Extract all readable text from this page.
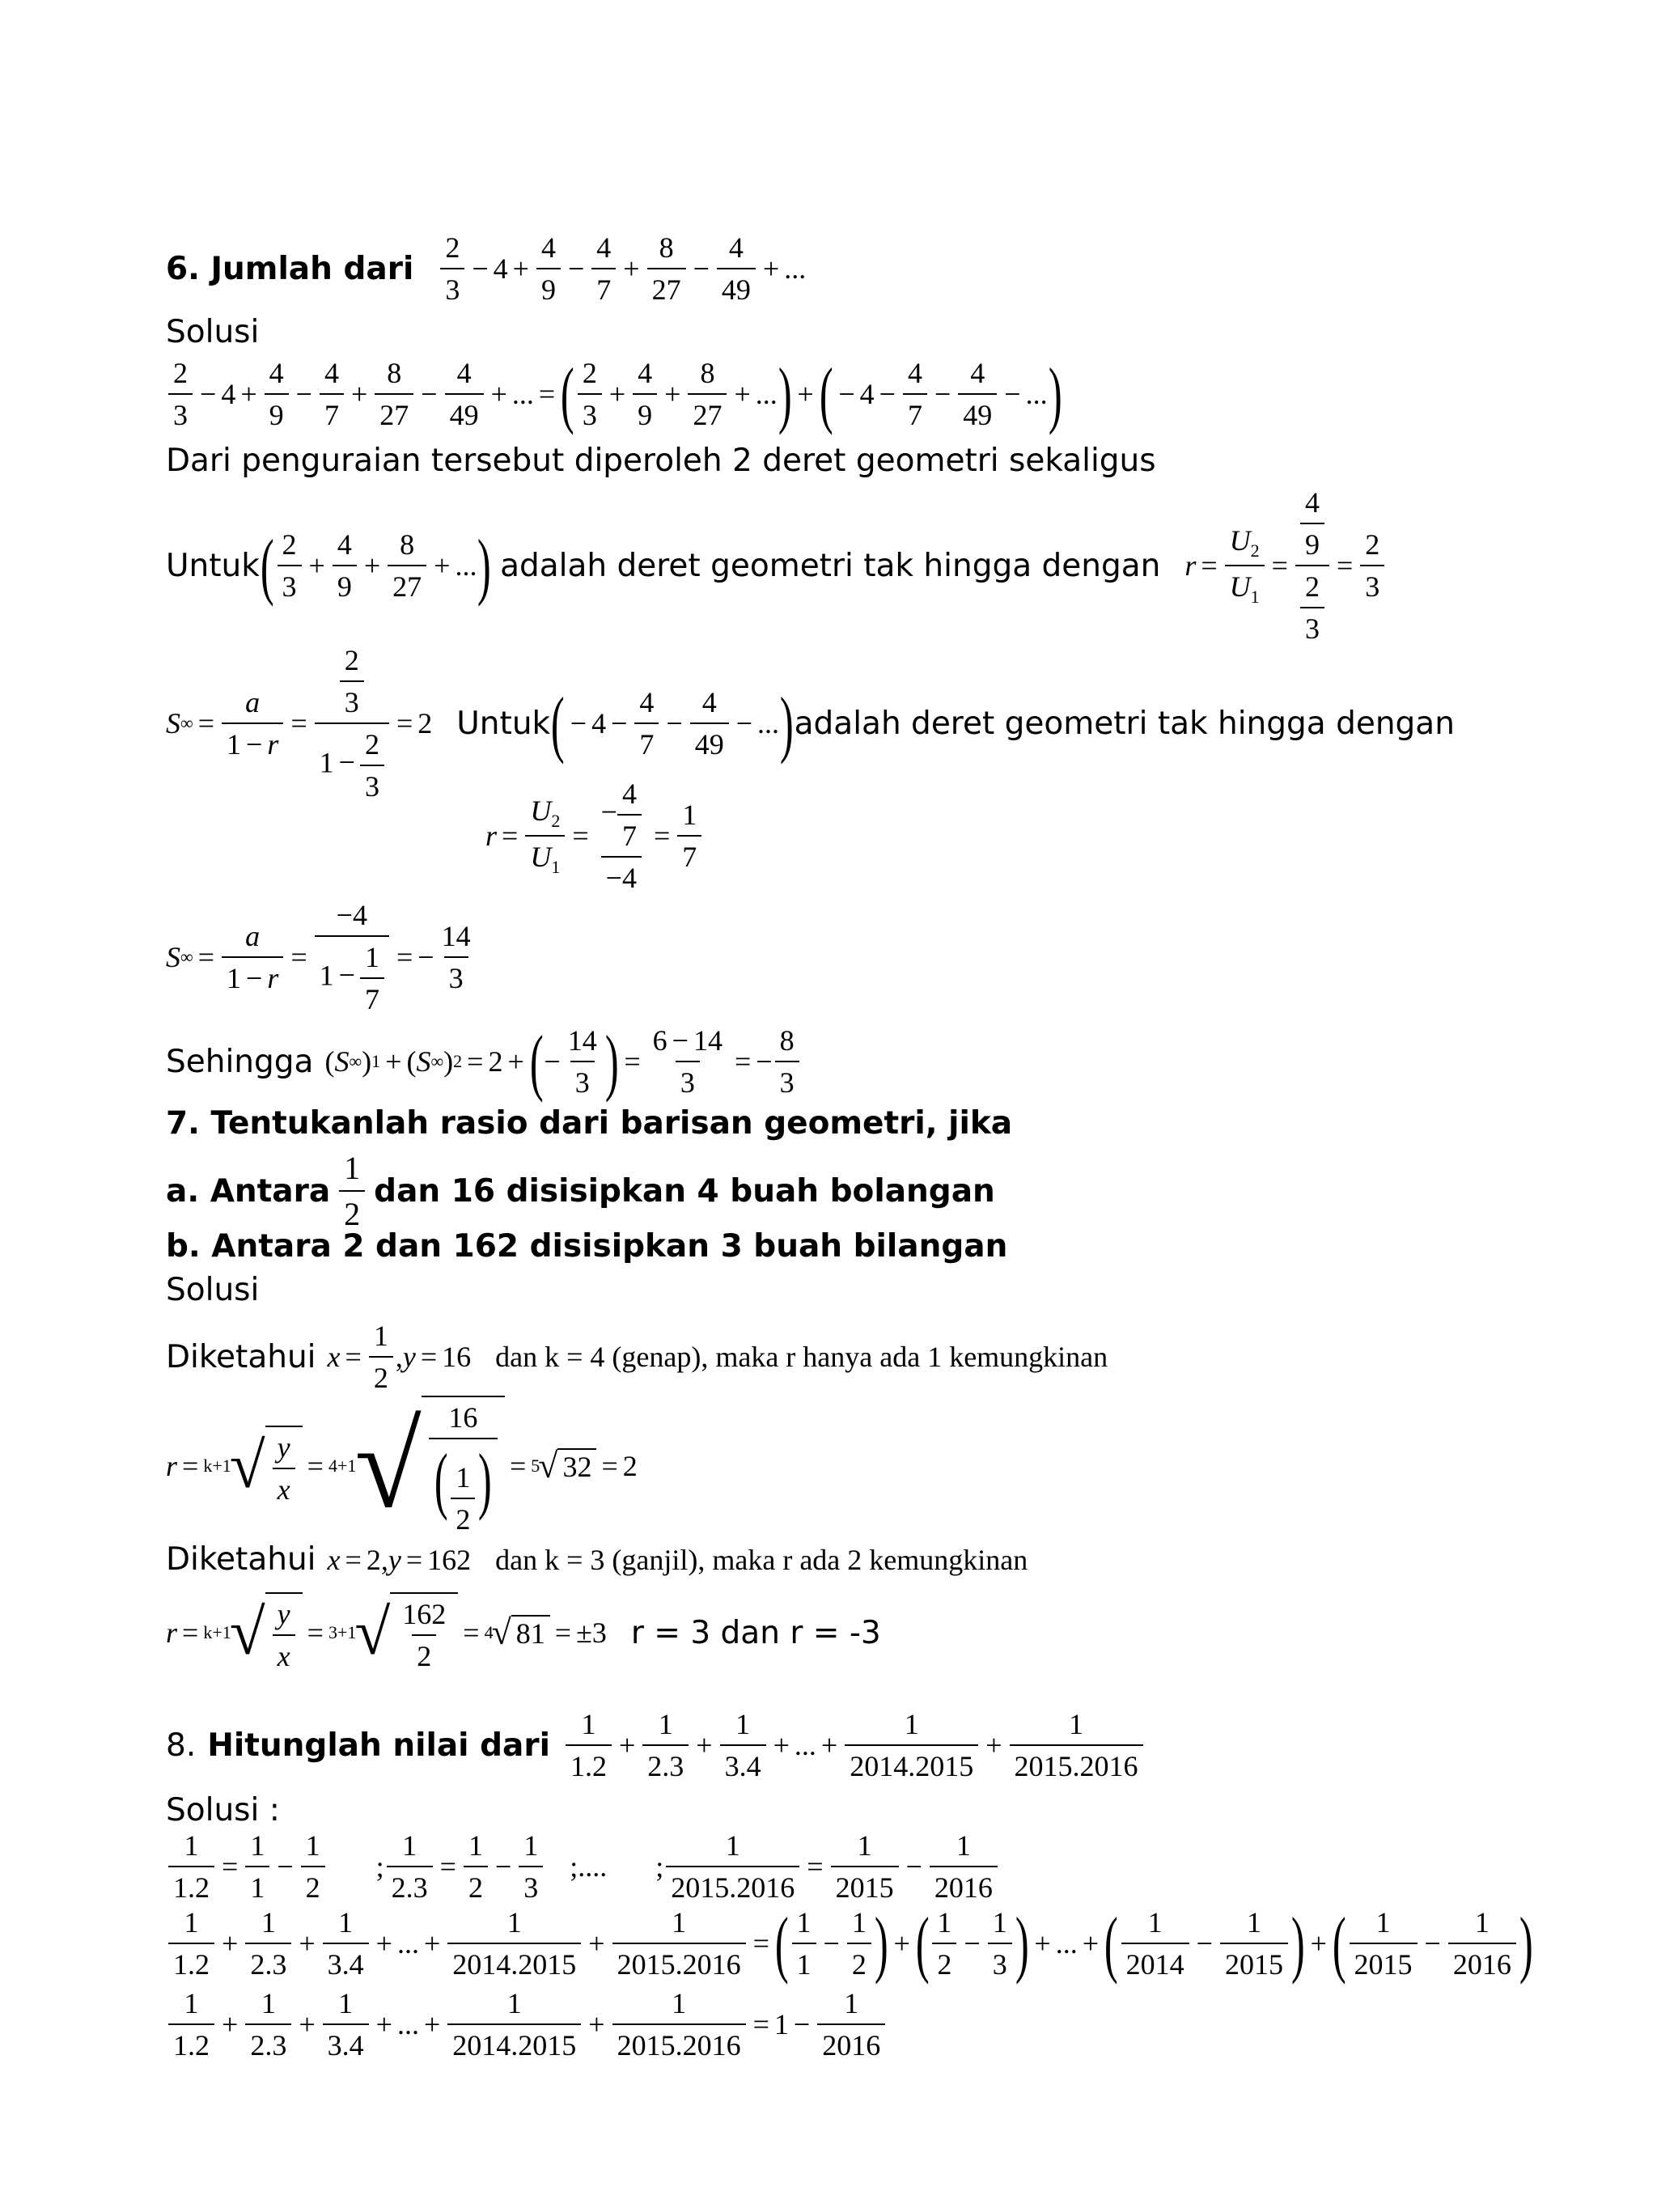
6. Jumlah dari $\frac{2}{3} - 4 + \frac{4}{9} - \frac{4}{7} + \frac{8}{27} - \frac{4}{49}$ + ...
Solusi
$\frac{2}{3} - 4 + \frac{4}{9} - \frac{4}{7} + \frac{8}{27} - \frac{4}{49}$ + ... = ( $\frac{2}{3} + \frac{4}{9} + \frac{8}{27}$ + ... ) + ( − $4 - \frac{4}{7} - \frac{4}{49}$ − ... )
Dari penguraian tersebut diperoleh 2 deret geometri sekaligus
Untuk ( $\frac{2}{3} + \frac{4}{9} + \frac{8}{27}$ + ... ) adalah deret geometri tak hingga dengan $r = \frac{U_2}{U_1} = \frac{\frac{4}{9}}{\frac{2}{3}} = \frac{2}{3}$
S ∞ = $\frac{a}{1 - r} = \frac{\frac{2}{3}}{1 - \frac{2}{3}} = 2$ Untuk ( − $4 - \frac{4}{7} - \frac{4}{49}$ − ... ) adalah deret geometri tak hingga dengan
$r = \frac{U_2}{U_1} = \frac{- \frac{4}{7}}{-4} = \frac{1}{7}$
S ∞ = $\frac{a}{1 - r} = \frac{-4}{1 - \frac{1}{7}}$ = − $\frac{14}{3}$
Sehingga ( S ∞ ) 1 + ( S ∞ ) 2 = 2 + ( − $\frac{14}{3}$ ) = $\frac{6 - 14}{3}$ = − $\frac{8}{3}$
7. Tentukanlah rasio dari barisan geometri, jika
a. Antara $\frac{1}{2}$ dan 16 disisipkan 4 buah bolangan
b. Antara 2 dan 162 disisipkan 3 buah bilangan
Solusi
Diketahui $x = \frac{1}{2}$ , y = 16 dan k = 4 (genap), maka r hanya ada 1 kemungkinan
r = k+1
√ $\frac{y}{x} = 4+1$
√ $\frac{16}{( \frac{1}{2} )} = 5$
√ 32 = 2
Diketahui x = 2, y = 162 dan k = 3 (ganjil), maka r ada 2 kemungkinan
r = k+1
√ $\frac{y}{x} = 3+1$
√ $\frac{162}{2} = 4$
√ 81 = ±3 r = 3 dan r = -3
8. Hitunglah nilai dari $\frac{1}{1.2} + \frac{1}{2.3} + \frac{1}{3.4}$ + ... + $\frac{1}{2014.2015} + \frac{1}{2015.2016}$
Solusi :
$\frac{1}{1.2} = \frac{1}{1} - \frac{1}{2}$ ; $\frac{1}{2.3} = \frac{1}{2} - \frac{1}{3}$ ;....
; $\frac{1}{2015.2016} = \frac{1}{2015} - \frac{1}{2016}$
$\frac{1}{1.2} + \frac{1}{2.3} + \frac{1}{3.4}$ + ... + $\frac{1}{2014.2015} + \frac{1}{2015.2016}$ = ( $\frac{1}{1} - \frac{1}{2}$ ) + ( $\frac{1}{2} - \frac{1}{3}$ ) + ... + ( $\frac{1}{2014} - \frac{1}{2015}$ ) + ( $\frac{1}{2015} - \frac{1}{2016}$ )
$\frac{1}{1.2} + \frac{1}{2.3} + \frac{1}{3.4}$ + ... + $\frac{1}{2014.2015} + \frac{1}{2015.2016} = 1 - \frac{1}{2016}$
